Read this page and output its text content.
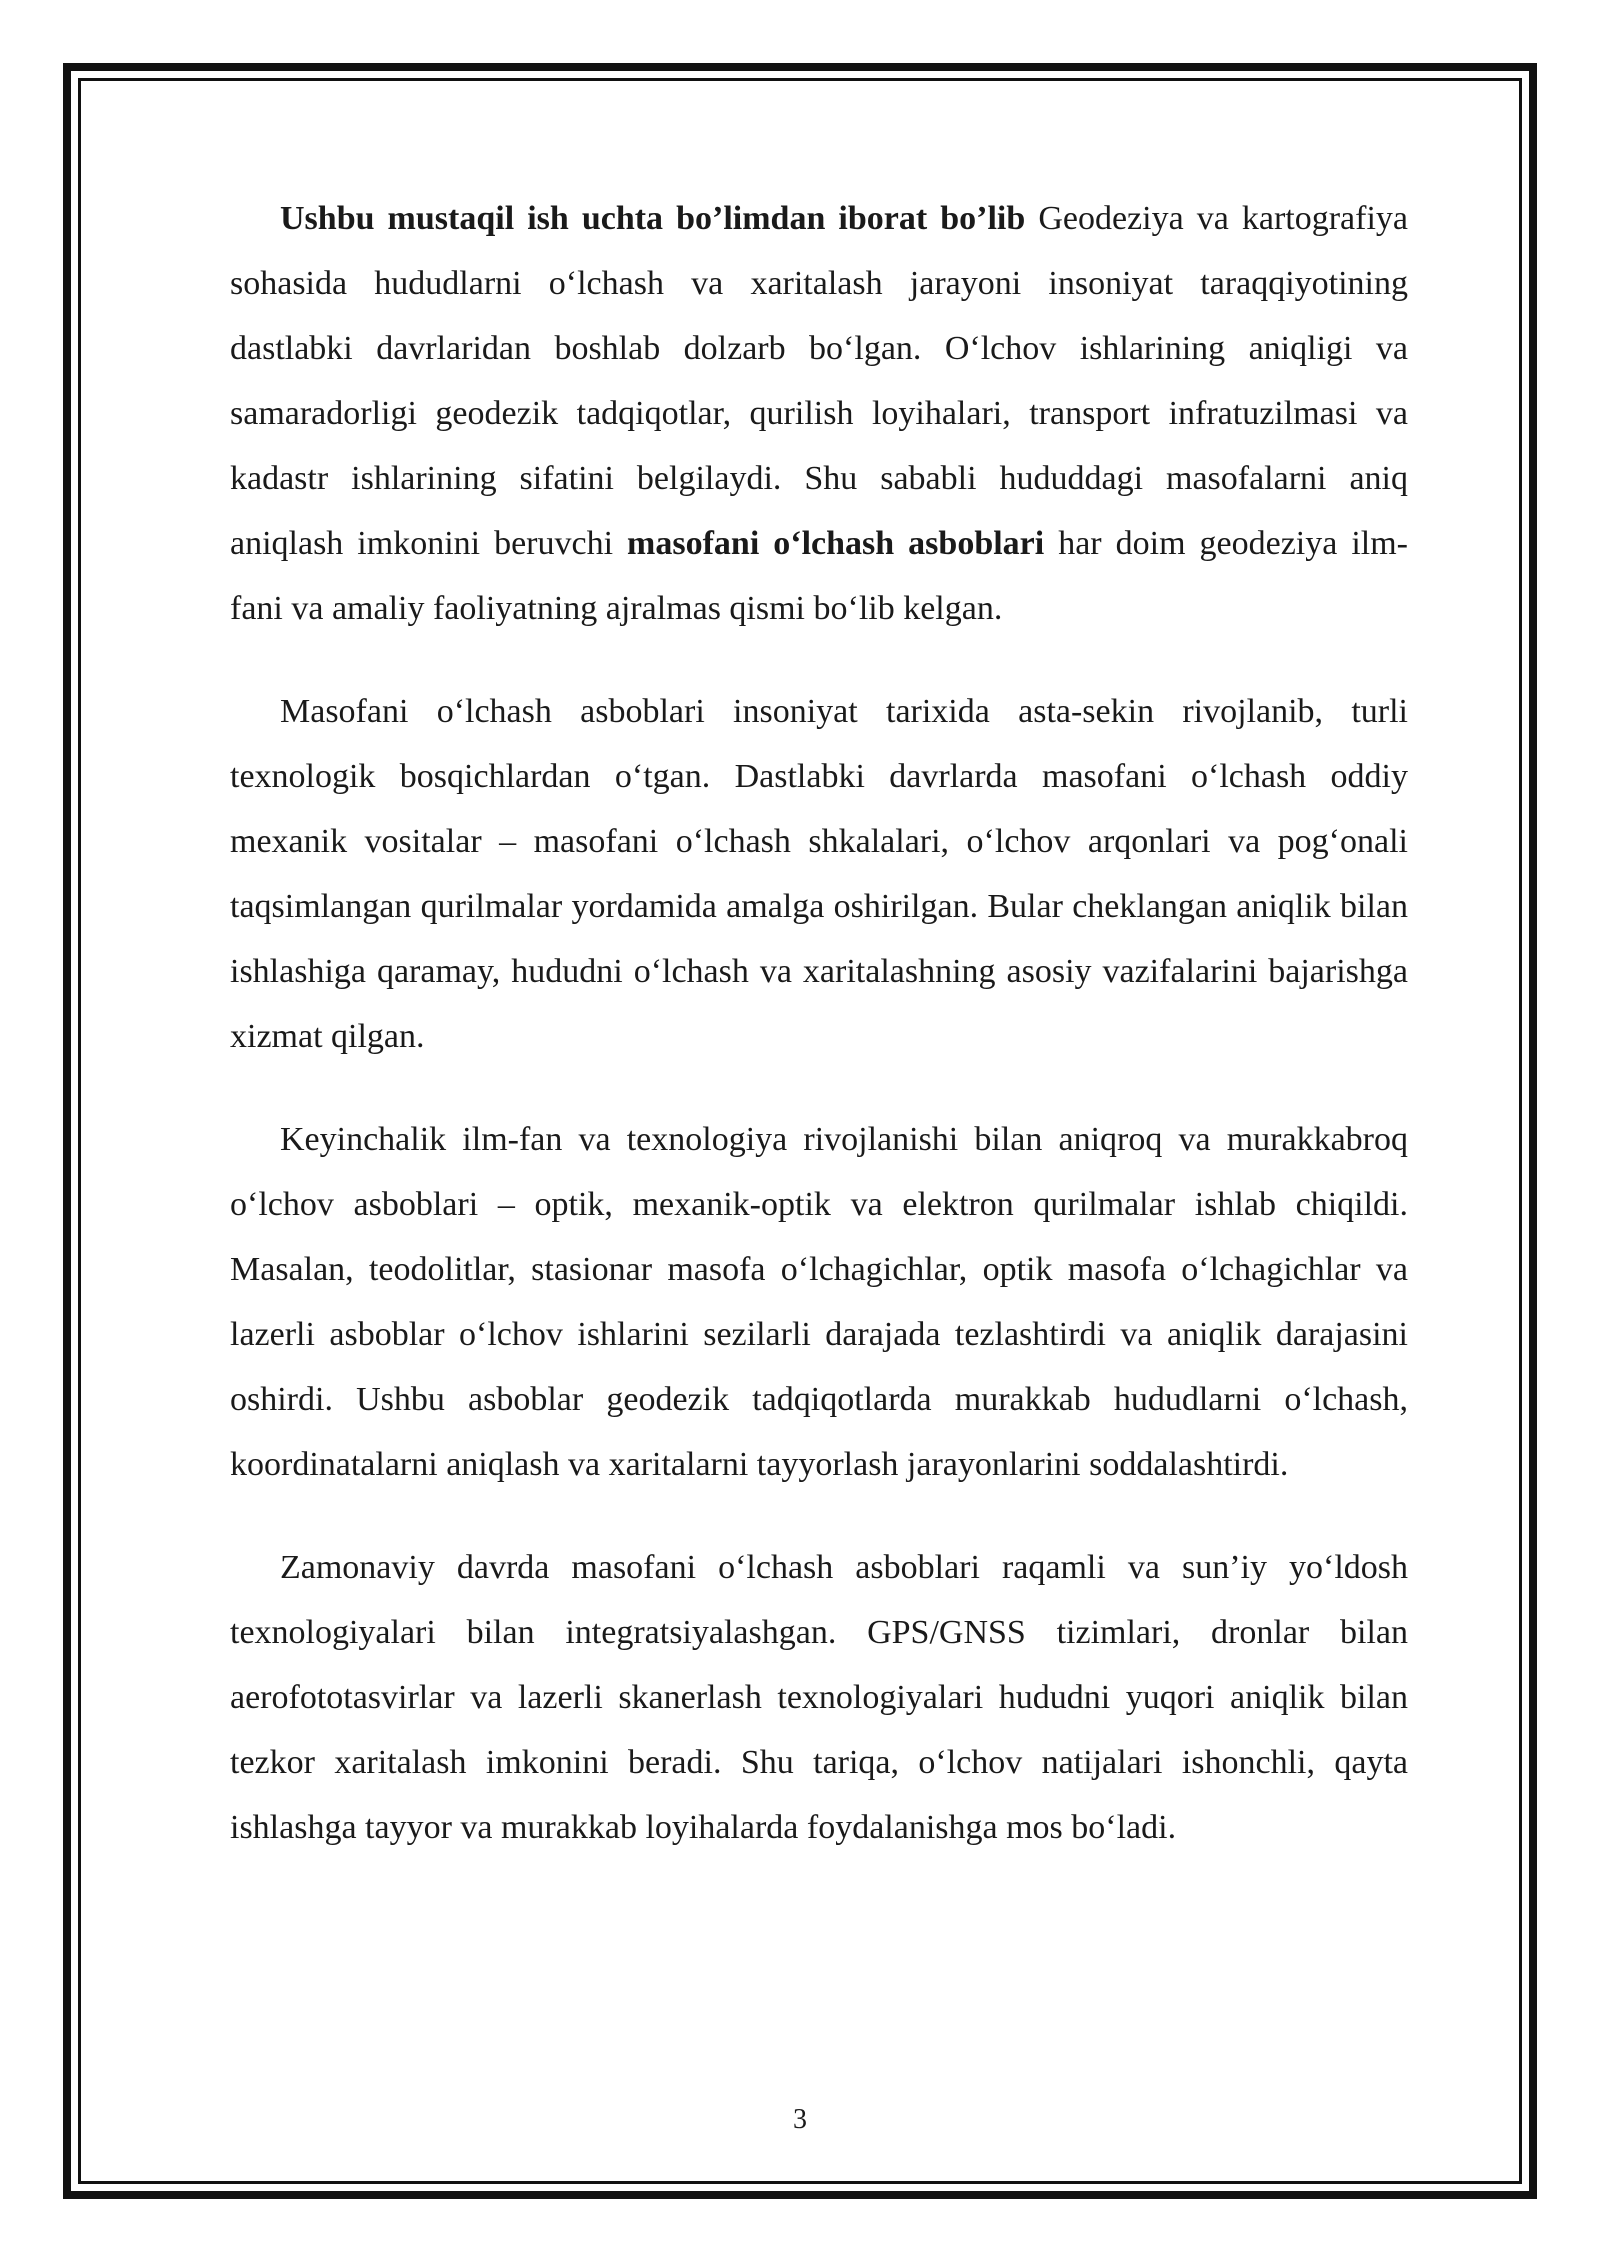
Ushbu mustaqil ish uchta bo’limdan iborat bo’lib Geodeziya va kartografiya sohasida hududlarni o‘lchash va xaritalash jarayoni insoniyat taraqqiyotining dastlabki davrlaridan boshlab dolzarb bo‘lgan. O‘lchov ishlarining aniqligi va samaradorligi geodezik tadqiqotlar, qurilish loyihalari, transport infratuzilmasi va kadastr ishlarining sifatini belgilaydi. Shu sababli hududdagi masofalarni aniq aniqlash imkonini beruvchi masofani o‘lchash asboblari har doim geodeziya ilm-fani va amaliy faoliyatning ajralmas qismi bo‘lib kelgan.

Masofani o‘lchash asboblari insoniyat tarixida asta-sekin rivojlanib, turli texnologik bosqichlardan o‘tgan. Dastlabki davrlarda masofani o‘lchash oddiy mexanik vositalar – masofani o‘lchash shkalalari, o‘lchov arqonlari va pog‘onali taqsimlangan qurilmalar yordamida amalga oshirilgan. Bular cheklangan aniqlik bilan ishlashiga qaramay, hududni o‘lchash va xaritalashning asosiy vazifalarini bajarishga xizmat qilgan.

Keyinchalik ilm-fan va texnologiya rivojlanishi bilan aniqroq va murakkabroq o‘lchov asboblari – optik, mexanik-optik va elektron qurilmalar ishlab chiqildi. Masalan, teodolitlar, stasionar masofa o‘lchagichlar, optik masofa o‘lchagichlar va lazerli asboblar o‘lchov ishlarini sezilarli darajada tezlashtirdi va aniqlik darajasini oshirdi. Ushbu asboblar geodezik tadqiqotlarda murakkab hududlarni o‘lchash, koordinatalarni aniqlash va xaritalarni tayyorlash jarayonlarini soddalashtirdi.

Zamonaviy davrda masofani o‘lchash asboblari raqamli va sun’iy yo‘ldosh texnologiyalari bilan integratsiyalashgan. GPS/GNSS tizimlari, dronlar bilan aerofototasvirlar va lazerli skanerlash texnologiyalari hududni yuqori aniqlik bilan tezkor xaritalash imkonini beradi. Shu tariqa, o‘lchov natijalari ishonchli, qayta ishlashga tayyor va murakkab loyihalarda foydalanishga mos bo‘ladi.

3
